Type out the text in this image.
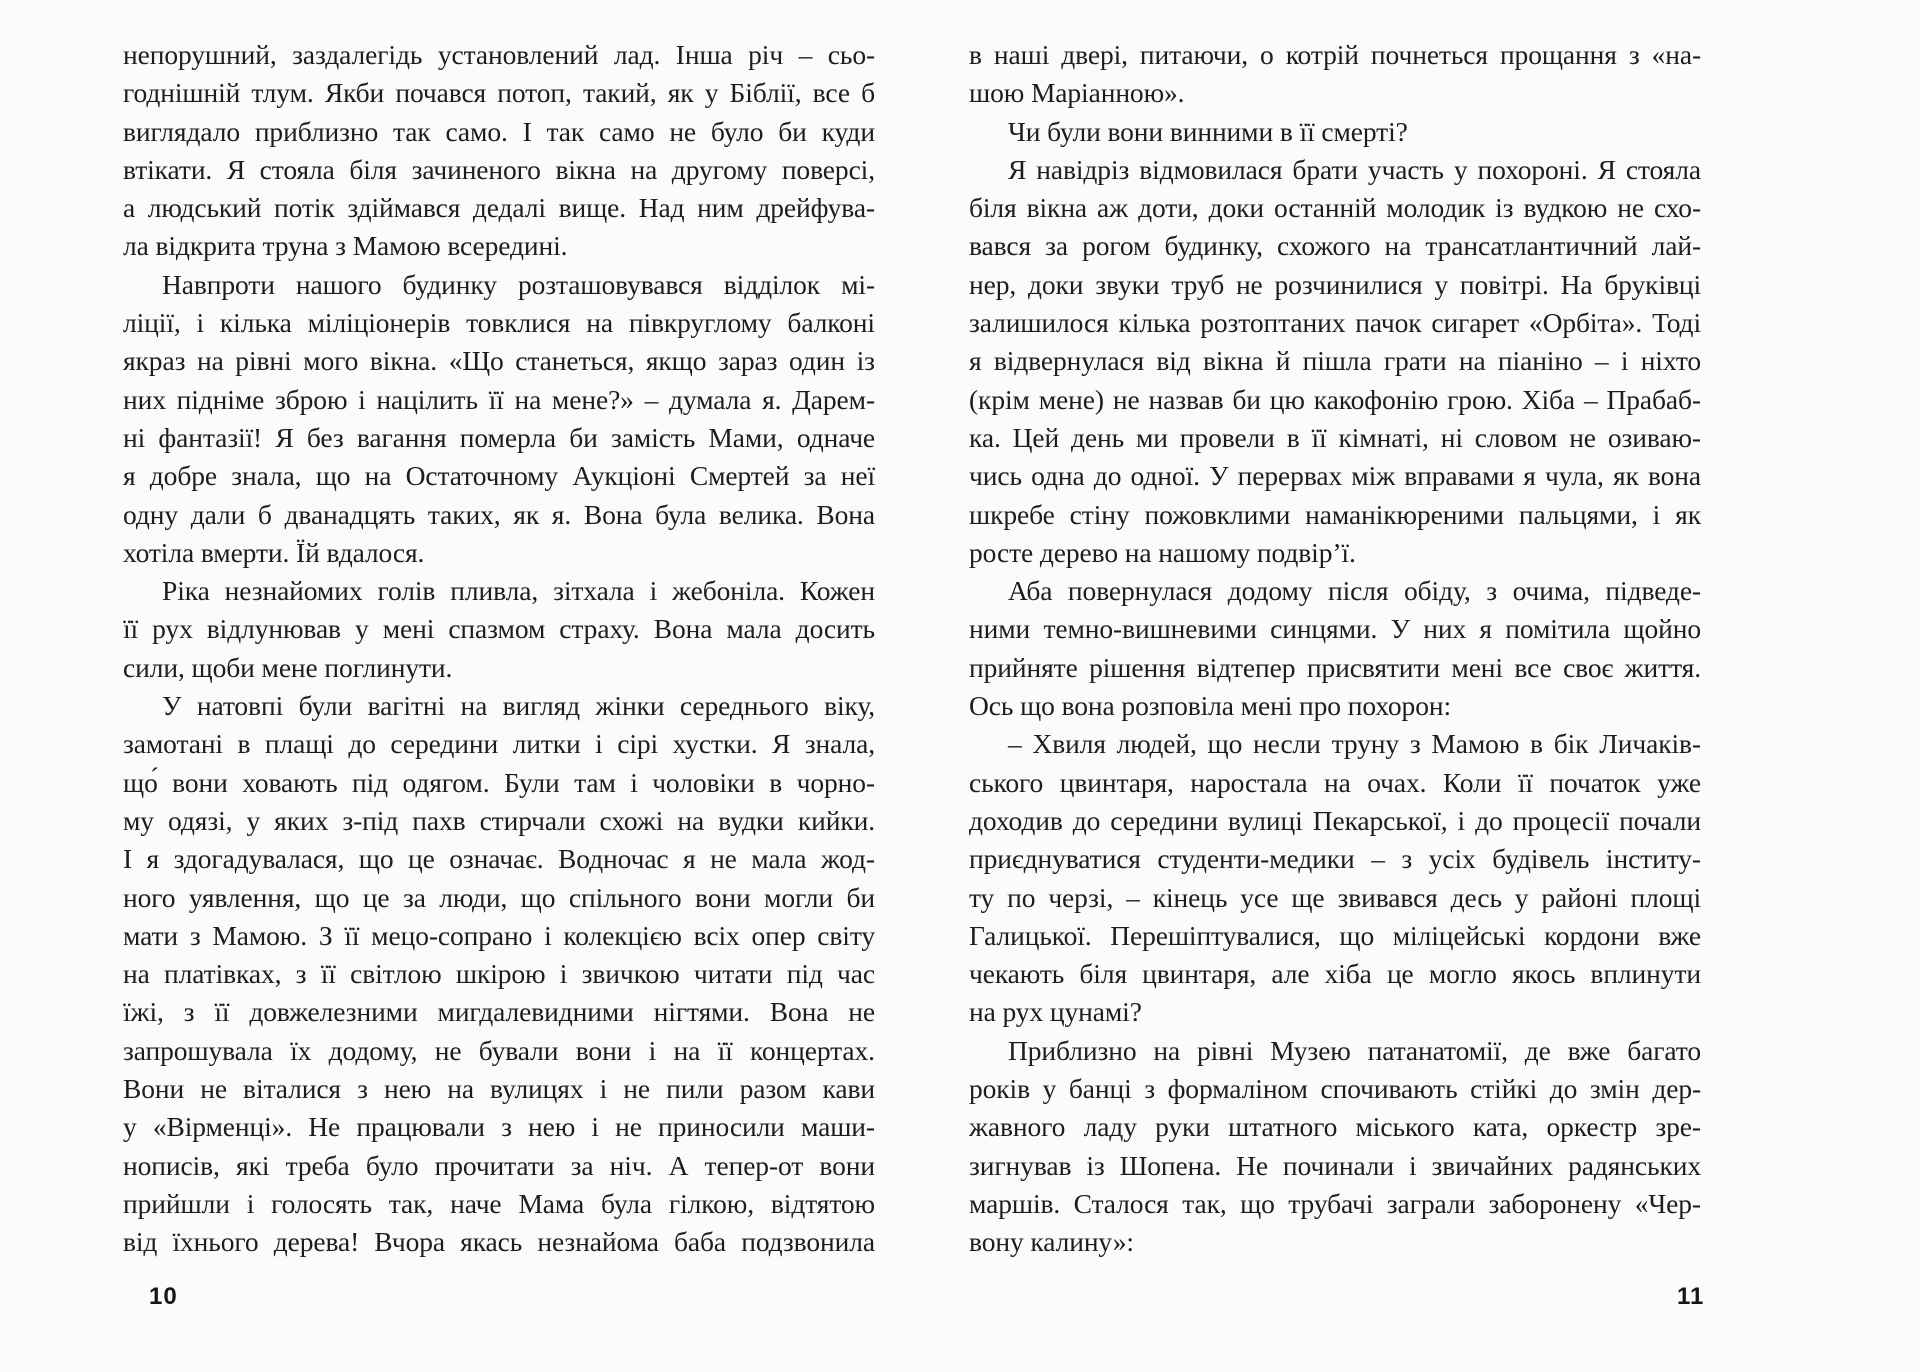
непорушний, заздалегідь установлений лад. Інша річ – сьо-
годнішній тлум. Якби почався потоп, такий, як у Біблії, все б
виглядало приблизно так само. І так само не було би куди
втікати. Я стояла біля зачиненого вікна на другому поверсі,
а людський потік здіймався дедалі вище. Над ним дрейфува-
ла відкрита труна з Мамою всередині.
Навпроти нашого будинку розташовувався відділок мі-
ліції, і кілька міліціонерів товклися на півкруглому балконі
якраз на рівні мого вікна. «Що станеться, якщо зараз один із
них підніме зброю і націлить її на мене?» – думала я. Дарем-
ні фантазії! Я без вагання померла би замість Мами, одначе
я добре знала, що на Остаточному Аукціоні Смертей за неї
одну дали б дванадцять таких, як я. Вона була велика. Вона
хотіла вмерти. Їй вдалося.
Ріка незнайомих голів пливла, зітхала і жебоніла. Кожен
її рух відлунював у мені спазмом страху. Вона мала досить
сили, щоби мене поглинути.
У натовпі були вагітні на вигляд жінки середнього віку,
замотані в плащі до середини литки і сірі хустки. Я знала,
що́ вони ховають під одягом. Були там і чоловіки в чорно-
му одязі, у яких з-під пахв стирчали схожі на вудки кийки.
І я здогадувалася, що це означає. Водночас я не мала жод-
ного уявлення, що це за люди, що спільного вони могли би
мати з Мамою. З її мецо-сопрано і колекцією всіх опер світу
на платівках, з її світлою шкірою і звичкою читати під час
їжі, з її довжелезними мигдалевидними нігтями. Вона не
запрошувала їх додому, не бували вони і на її концертах.
Вони не віталися з нею на вулицях і не пили разом кави
у «Вірменці». Не працювали з нею і не приносили маши-
нописів, які треба було прочитати за ніч. А тепер-от вони
прийшли і голосять так, наче Мама була гілкою, відтятою
від їхнього дерева! Вчора якась незнайома баба подзвонила
10
в наші двері, питаючи, о котрій почнеться прощання з «на-
шою Маріанною».
Чи були вони винними в її смерті?
Я навідріз відмовилася брати участь у похороні. Я стояла
біля вікна аж доти, доки останній молодик із вудкою не схо-
вався за рогом будинку, схожого на трансатлантичний лай-
нер, доки звуки труб не розчинилися у повітрі. На бруківці
залишилося кілька розтоптаних пачок сигарет «Орбіта». Тоді
я відвернулася від вікна й пішла грати на піаніно – і ніхто
(крім мене) не назвав би цю какофонію грою. Хіба – Прабаб-
ка. Цей день ми провели в її кімнаті, ні словом не озиваю-
чись одна до одної. У перервах між вправами я чула, як вона
шкребе стіну пожовклими наманікюреними пальцями, і як
росте дерево на нашому подвір’ї.
Аба повернулася додому після обіду, з очима, підведе-
ними темно-вишневими синцями. У них я помітила щойно
прийняте рішення відтепер присвятити мені все своє життя.
Ось що вона розповіла мені про похорон:
– Хвиля людей, що несли труну з Мамою в бік Личаків-
ського цвинтаря, наростала на очах. Коли її початок уже
доходив до середини вулиці Пекарської, і до процесії почали
приєднуватися студенти-медики – з усіх будівель інститу-
ту по черзі, – кінець усе ще звивався десь у районі площі
Галицької. Перешіптувалися, що міліцейські кордони вже
чекають біля цвинтаря, але хіба це могло якось вплинути
на рух цунамі?
Приблизно на рівні Музею патанатомії, де вже багато
років у банці з формаліном спочивають стійкі до змін дер-
жавного ладу руки штатного міського ката, оркестр зре-
зигнував із Шопена. Не починали і звичайних радянських
маршів. Сталося так, що трубачі заграли заборонену «Чер-
вону калину»:
11
